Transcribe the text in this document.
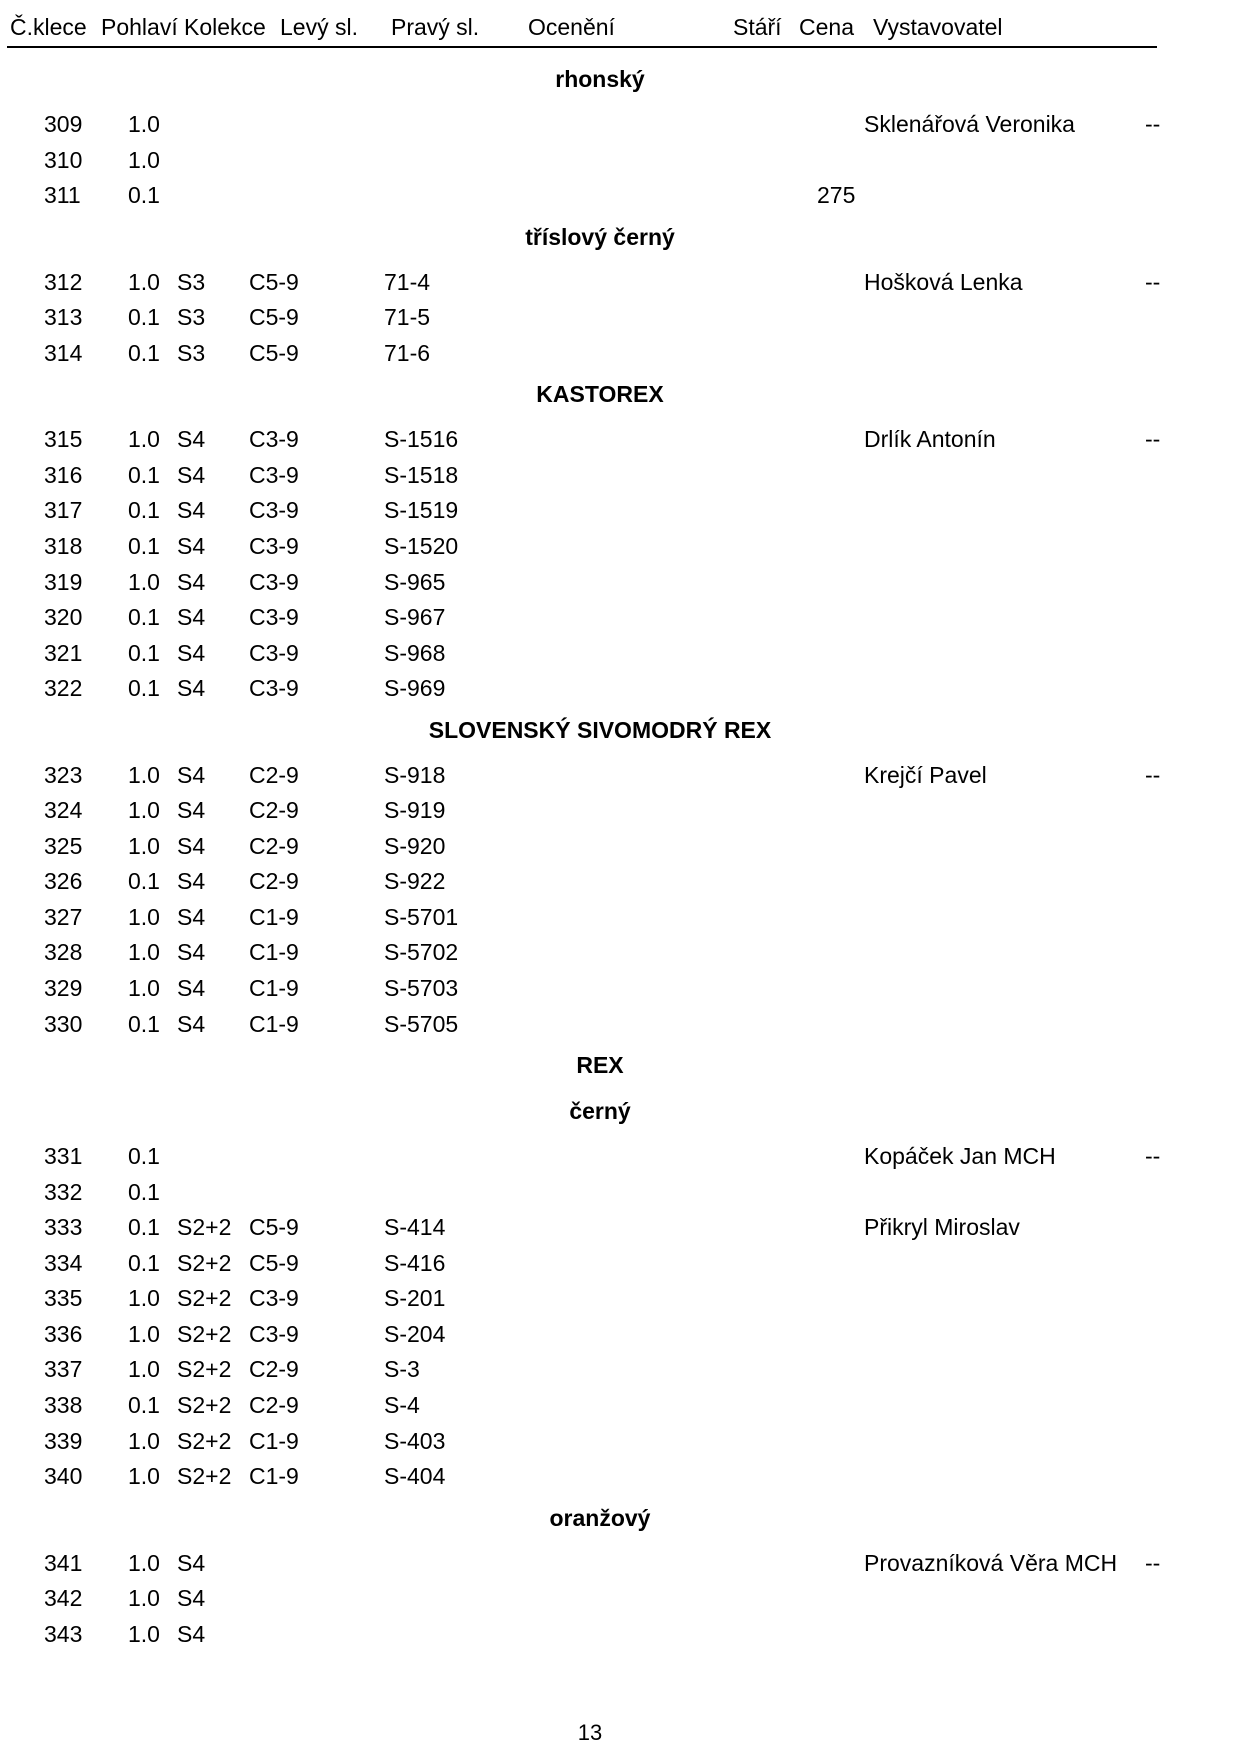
Č.klece Pohlaví Kolekce Levý sl. Pravý sl. Ocenění	Stáří Cena Vystavovatel
rhonský
309 1.0	Sklenářová Veronika	--
310 1.0
311 0.1	275
tříslový černý
312 1.0 S3 C5-9	71-4	Hošková Lenka	--
313 0.1 S3 C5-9	71-5
314 0.1 S3 C5-9	71-6
KASTOREX
315 1.0 S4 C3-9	S-1516	Drlík Antonín	--
316 0.1 S4 C3-9	S-1518
317 0.1 S4 C3-9	S-1519
318 0.1 S4 C3-9	S-1520
319 1.0 S4 C3-9	S-965
320 0.1 S4 C3-9	S-967
321 0.1 S4 C3-9	S-968
322 0.1 S4 C3-9	S-969
SLOVENSKÝ SIVOMODRÝ REX
323 1.0 S4 C2-9	S-918	Krejčí Pavel	--
324 1.0 S4 C2-9	S-919
325 1.0 S4 C2-9	S-920
326 0.1 S4 C2-9	S-922
327 1.0 S4 C1-9	S-5701
328 1.0 S4 C1-9	S-5702
329 1.0 S4 C1-9	S-5703
330 0.1 S4 C1-9	S-5705
REX
černý
331 0.1	Kopáček Jan MCH	--
332 0.1
333 0.1 S2+2 C5-9	S-414	Přikryl Miroslav
334 0.1 S2+2 C5-9	S-416
335 1.0 S2+2 C3-9	S-201
336 1.0 S2+2 C3-9	S-204
337 1.0 S2+2 C2-9	S-3
338 0.1 S2+2 C2-9	S-4
339 1.0 S2+2 C1-9	S-403
340 1.0 S2+2 C1-9	S-404
oranžový
341 1.0 S4	Provazníková Věra MCH --
342 1.0 S4
343 1.0 S4
13
